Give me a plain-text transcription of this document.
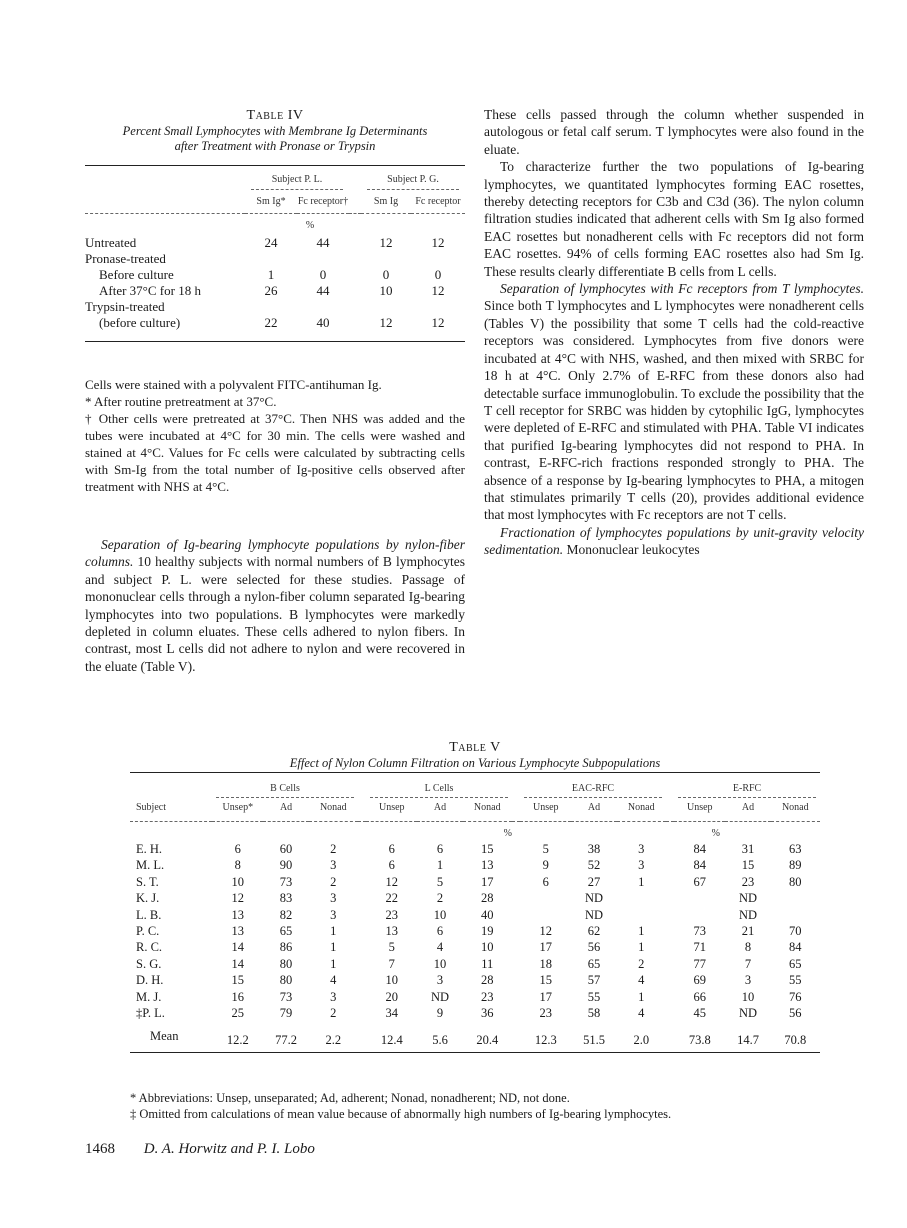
Table IV
Percent Small Lymphocytes with Membrane Ig Determinants
after Treatment with Pronase or Trypsin
	Subject P. L.			Subject P. G.	

	Sm Ig*	Fc receptor†		Sm Ig	Fc receptor
%					
Untreated	24	44		12	12
Pronase-treated					
Before culture	1	0		0	0
After 37°C for 18 h	26	44		10	12
Trypsin-treated					
(before culture)	22	40		12	12

Cells were stained with a polyvalent FITC-antihuman Ig.

* After routine pretreatment at 37°C.

† Other cells were pretreated at 37°C. Then NHS was added and the tubes were incubated at 4°C for 30 min. The cells were washed and stained at 4°C. Values for Fc cells were calculated by subtracting cells with Sm-Ig from the total number of Ig-positive cells observed after treatment with NHS at 4°C.

Separation of Ig-bearing lymphocyte populations by nylon-fiber columns. 10 healthy subjects with normal numbers of B lymphocytes and subject P. L. were selected for these studies. Passage of mononuclear cells through a nylon-fiber column separated Ig-bearing lymphocytes into two populations. B lymphocytes were markedly depleted in column eluates. These cells adhered to nylon fibers. In contrast, most L cells did not adhere to nylon and were recovered in the eluate (Table V).

These cells passed through the column whether suspended in autologous or fetal calf serum. T lymphocytes were also found in the eluate.

To characterize further the two populations of Ig-bearing lymphocytes, we quantitated lymphocytes forming EAC rosettes, thereby detecting receptors for C3b and C3d (36). The nylon column filtration studies indicated that adherent cells with Sm Ig also formed EAC rosettes but nonadherent cells with Fc receptors did not form EAC rosettes. 94% of cells forming EAC rosettes also had Sm Ig. These results clearly differentiate B cells from L cells.

Separation of lymphocytes with Fc receptors from T lymphocytes. Since both T lymphocytes and L lymphocytes were nonadherent cells (Tables V) the possibility that some T cells had the cold-reactive receptors was considered. Lymphocytes from five donors were incubated at 4°C with NHS, washed, and then mixed with SRBC for 18 h at 4°C. Only 2.7% of E-RFC from these donors also had detectable surface immunoglobulin. To exclude the possibility that the T cell receptor for SRBC was hidden by cytophilic IgG, lymphocytes were depleted of E-RFC and stimulated with PHA. Table VI indicates that purified Ig-bearing lymphocytes did not respond to PHA. In contrast, E-RFC-rich fractions responded strongly to PHA. The absence of a response by Ig-bearing lymphocytes to PHA, a mitogen that stimulates primarily T cells (20), provides additional evidence that most lymphocytes with Fc receptors are not T cells.

Fractionation of lymphocytes populations by unit-gravity velocity sedimentation. Mononuclear leukocytes

Table V
Effect of Nylon Column Filtration on Various Lymphocyte Subpopulations
	B Cells				L Cells				EAC-RFC				E-RFC		

Subject	Unsep*	Ad	Nonad		Unsep	Ad	Nonad		Unsep	Ad	Nonad		Unsep	Ad	Nonad
%								%							
E. H.	6	60	2		6	6	15		5	38	3		84	31	63
M. L.	8	90	3		6	1	13		9	52	3		84	15	89
S. T.	10	73	2		12	5	17		6	27	1		67	23	80
K. J.	12	83	3		22	2	28			ND				ND	
L. B.	13	82	3		23	10	40			ND				ND	
P. C.	13	65	1		13	6	19		12	62	1		73	21	70
R. C.	14	86	1		5	4	10		17	56	1		71	8	84
S. G.	14	80	1		7	10	11		18	65	2		77	7	65
D. H.	15	80	4		10	3	28		15	57	4		69	3	55
M. J.	16	73	3		20	ND	23		17	55	1		66	10	76
‡P. L.	25	79	2		34	9	36		23	58	4		45	ND	56

Mean	12.2	77.2	2.2		12.4	5.6	20.4		12.3	51.5	2.0		73.8	14.7	70.8

* Abbreviations: Unsep, unseparated; Ad, adherent; Nonad, nonadherent; ND, not done.

‡ Omitted from calculations of mean value because of abnormally high numbers of Ig-bearing lymphocytes.

1468 D. A. Horwitz and P. I. Lobo
